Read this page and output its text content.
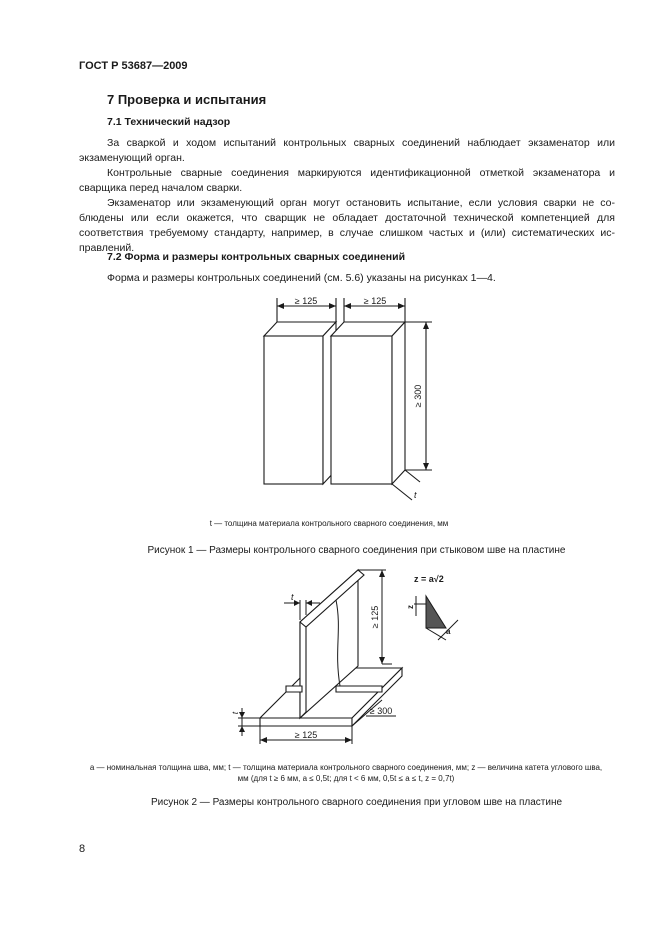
ГОСТ Р 53687—2009
7 Проверка и испытания
7.1 Технический надзор

За сваркой и ходом испытаний контрольных сварных соединений наблюдает экзаменатор или экзаменующий орган.

Контрольные сварные соединения маркируются идентификационной отметкой экзаменатора и сварщика перед началом сварки.

Экзаменатор или экзаменующий орган могут остановить испытание, если условия сварки не со-блюдены или если окажется, что сварщик не обладает достаточной технической компетенцией для соответствия требуемому стандарту, например, в случае слишком частых и (или) систематических ис-правлений.

7.2 Форма и размеры контрольных сварных соединений
Форма и размеры контрольных соединений (см. 5.6) указаны на рисунках 1—4.
≥ 125	≥ 125
≥ 300
t
t — толщина материала контрольного сварного соединения, мм
Рисунок 1 — Размеры контрольного сварного соединения при стыковом шве на пластине
t
≥ 125
t
≥ 125
≥ 300
z = a√2
z
a
a — номинальная толщина шва, мм; t — толщина материала контрольного сварного соединения, мм; z — величина катета углового шва, мм (для t ≥ 6 мм, a ≤ 0,5t; для t < 6 мм, 0,5t ≤ a ≤ t, z = 0,7t)
Рисунок 2 — Размеры контрольного сварного соединения при угловом шве на пластине
8
